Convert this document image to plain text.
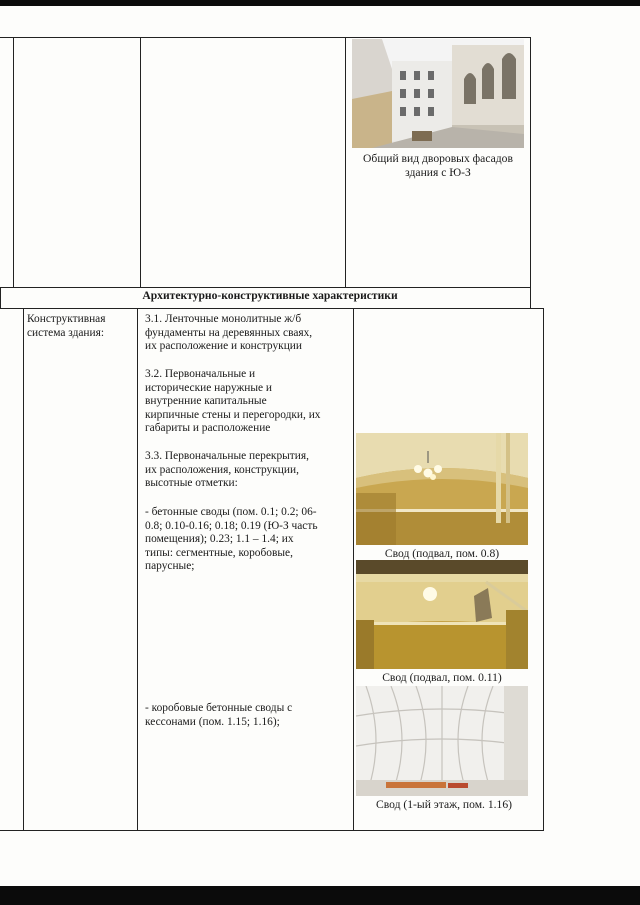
Общий вид дворовых фасадов
здания с Ю-З
Архитектурно-конструктивные характеристики
Конструктивная
система здания:
3.1. Ленточные монолитные ж/б
фундаменты на деревянных сваях,
их расположение и конструкции
3.2. Первоначальные и
исторические наружные и
внутренние капитальные
кирпичные стены и перегородки, их
габариты и расположение
3.3. Первоначальные перекрытия,
их расположения, конструкции,
высотные отметки:
- бетонные своды (пом. 0.1; 0.2; 06-
0.8; 0.10-0.16; 0.18; 0.19 (Ю-З часть
помещения); 0.23; 1.1 – 1.4; их
типы: сегментные, коробовые,
парусные;
- коробовые бетонные своды с
кессонами (пом. 1.15; 1.16);
Свод (подвал, пом. 0.8)
Свод (подвал, пом. 0.11)
Свод (1-ый этаж, пом. 1.16)
